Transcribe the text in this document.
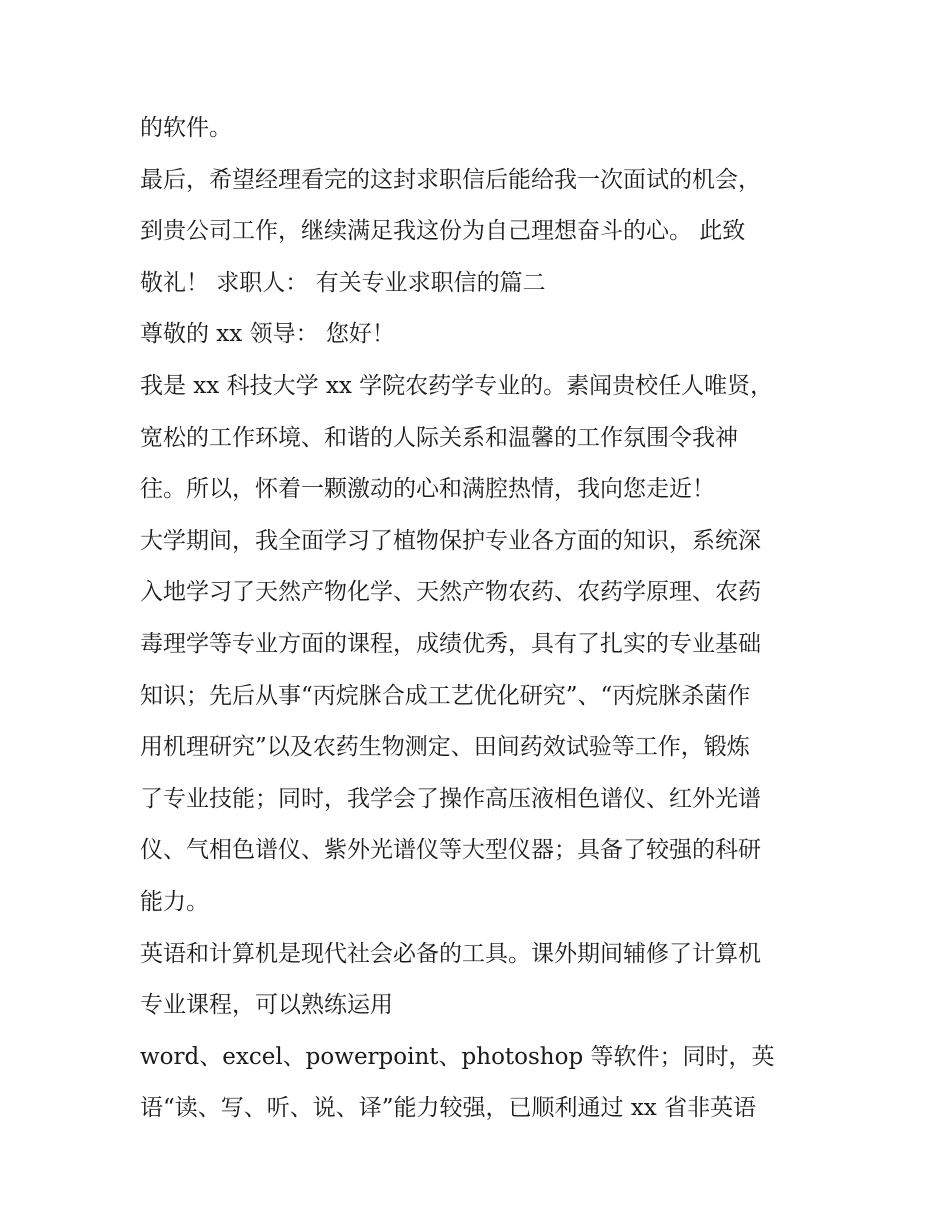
的软件。
最后，希望经理看完的这封求职信后能给我一次面试的机会，
到贵公司工作，继续满足我这份为自己理想奋斗的心。 此致
敬礼！ 求职人： 有关专业求职信的篇二
尊敬的 xx 领导： 您好！
我是 xx 科技大学 xx 学院农药学专业的。素闻贵校任人唯贤，
宽松的工作环境、和谐的人际关系和温馨的工作氛围令我神
往。所以，怀着一颗激动的心和满腔热情，我向您走近！
大学期间，我全面学习了植物保护专业各方面的知识，系统深
入地学习了天然产物化学、天然产物农药、农药学原理、农药
毒理学等专业方面的课程，成绩优秀，具有了扎实的专业基础
知识；先后从事“丙烷脒合成工艺优化研究”、“丙烷脒杀菌作
用机理研究”以及农药生物测定、田间药效试验等工作，锻炼
了专业技能；同时，我学会了操作高压液相色谱仪、红外光谱
仪、气相色谱仪、紫外光谱仪等大型仪器；具备了较强的科研
能力。
英语和计算机是现代社会必备的工具。课外期间辅修了计算机
专业课程，可以熟练运用
word、excel、powerpoint、photoshop 等软件；同时，英
语“读、写、听、说、译”能力较强，已顺利通过 xx 省非英语
